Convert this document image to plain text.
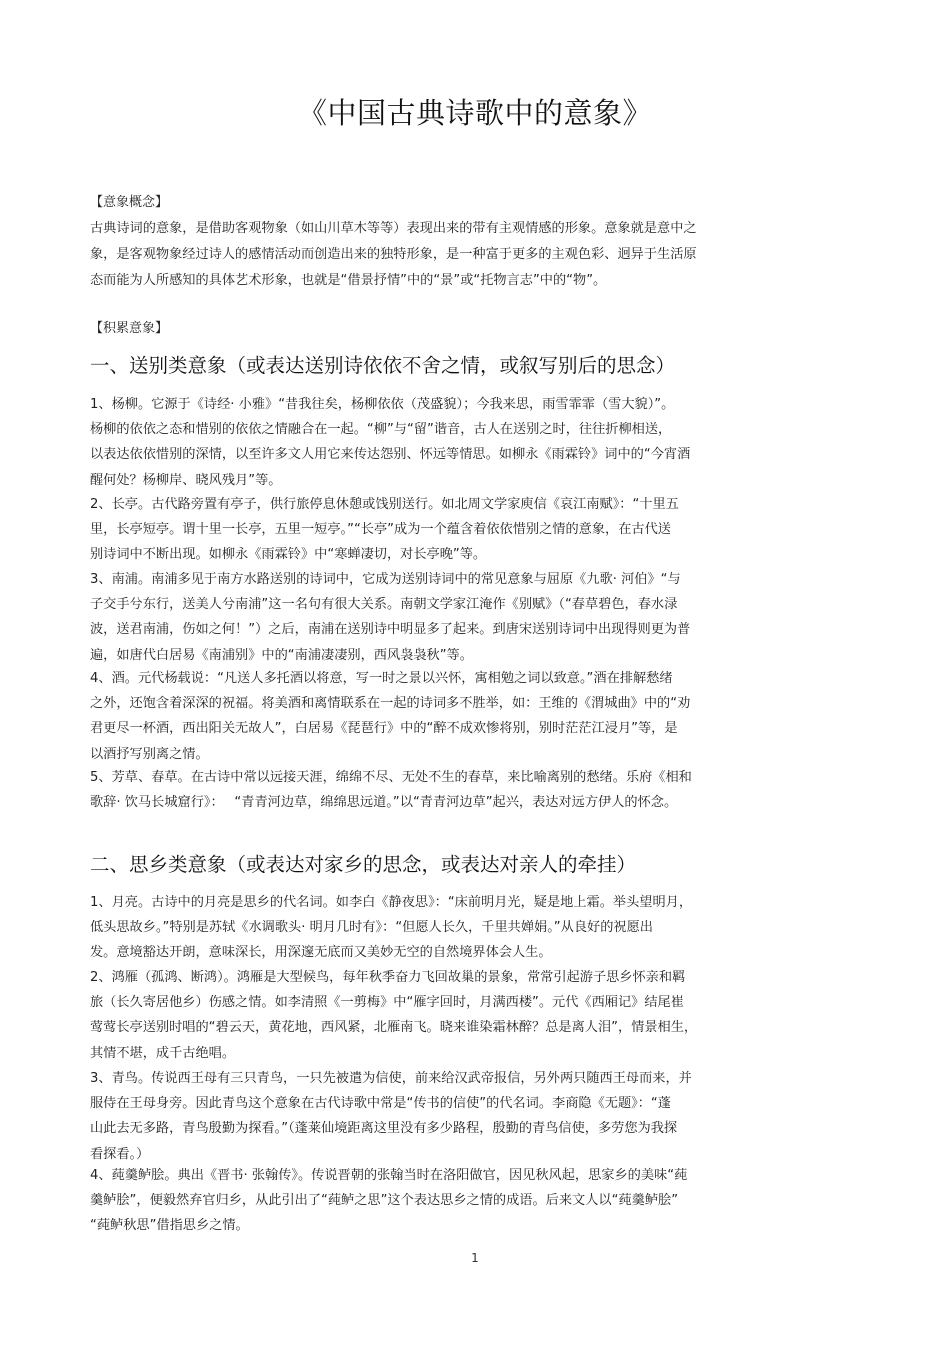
《中国古典诗歌中的意象》
【意象概念】
古典诗词的意象，是借助客观物象（如山川草木等等）表现出来的带有主观情感的形象。意象就是意中之
象，是客观物象经过诗人的感情活动而创造出来的独特形象，是一种富于更多的主观色彩、迥异于生活原
态而能为人所感知的具体艺术形象，也就是“借景抒情”中的“景”或“托物言志”中的“物”。
【积累意象】
一、送别类意象（或表达送别诗依依不舍之情，或叙写别后的思念）
1、杨柳。它源于《诗经· 小雅》“昔我往矣，杨柳依依（茂盛貌）；今我来思，雨雪霏霏（雪大貌）”。
杨柳的依依之态和惜别的依依之情融合在一起。“柳”与“留”谐音，古人在送别之时，往往折柳相送，
以表达依依惜别的深情，以至许多文人用它来传达怨别、怀远等情思。如柳永《雨霖铃》词中的“今宵酒
醒何处？杨柳岸、晓风残月”等。
2、长亭。古代路旁置有亭子，供行旅停息休憩或饯别送行。如北周文学家庾信《哀江南赋》：“十里五
里，长亭短亭。谓十里一长亭，五里一短亭。”“长亭”成为一个蕴含着依依惜别之情的意象，在古代送
别诗词中不断出现。如柳永《雨霖铃》中“寒蝉凄切，对长亭晚”等。
3、南浦。南浦多见于南方水路送别的诗词中，它成为送别诗词中的常见意象与屈原《九歌· 河伯》“与
子交手兮东行，送美人兮南浦”这一名句有很大关系。南朝文学家江淹作《别赋》（“春草碧色，春水渌
波，送君南浦，伤如之何！”）之后，南浦在送别诗中明显多了起来。到唐宋送别诗词中出现得则更为普
遍，如唐代白居易《南浦别》中的“南浦凄凄别，西风袅袅秋”等。
4、酒。元代杨载说：“凡送人多托酒以将意，写一时之景以兴怀，寓相勉之词以致意。”酒在排解愁绪
之外，还饱含着深深的祝福。将美酒和离情联系在一起的诗词多不胜举，如：王维的《渭城曲》中的“劝
君更尽一杯酒，西出阳关无故人”，白居易《琵琶行》中的“醉不成欢惨将别，别时茫茫江浸月”等，是
以酒抒写别离之情。
5、芳草、春草。在古诗中常以远接天涯，绵绵不尽、无处不生的春草，来比喻离别的愁绪。乐府《相和
歌辞· 饮马长城窟行》：　 “青青河边草，绵绵思远道。”以“青青河边草”起兴，表达对远方伊人的怀念。
二、思乡类意象（或表达对家乡的思念，或表达对亲人的牵挂）
1、月亮。古诗中的月亮是思乡的代名词。如李白《静夜思》：“床前明月光，疑是地上霜。举头望明月，
低头思故乡。”特别是苏轼《水调歌头· 明月几时有》：“但愿人长久，千里共婵娟。”从良好的祝愿出
发。意境豁达开朗，意味深长，用深邃无底而又美妙无空的自然境界体会人生。
2、鸿雁（孤鸿、断鸿）。鸿雁是大型候鸟，每年秋季奋力飞回故巢的景象，常常引起游子思乡怀亲和羁
旅（长久寄居他乡）伤感之情。如李清照《一剪梅》中“雁字回时，月满西楼”。元代《西厢记》结尾崔
莺莺长亭送别时唱的“碧云天，黄花地，西风紧，北雁南飞。晓来谁染霜林醉？总是离人泪”，情景相生，
其情不堪，成千古绝唱。
3、青鸟。传说西王母有三只青鸟，一只先被遣为信使，前来给汉武帝报信，另外两只随西王母而来，并
服侍在王母身旁。因此青鸟这个意象在古代诗歌中常是“传书的信使”的代名词。李商隐《无题》：“蓬
山此去无多路，青鸟殷勤为探看。”（蓬莱仙境距离这里没有多少路程，殷勤的青鸟信使，多劳您为我探
看探看。）
4、莼羹鲈脍。典出《晋书· 张翰传》。传说晋朝的张翰当时在洛阳做官，因见秋风起，思家乡的美味“莼
羹鲈脍”，便毅然弃官归乡，从此引出了“莼鲈之思”这个表达思乡之情的成语。后来文人以“莼羹鲈脍”
“莼鲈秋思”借指思乡之情。
1
